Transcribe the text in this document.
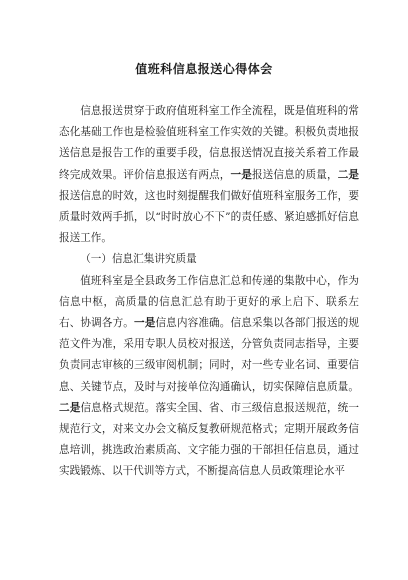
值班科信息报送心得体会

信息报送贯穿于政府值班科室工作全流程，既是值班科的常态化基础工作也是检验值班科室工作实效的关键。积极负责地报送信息是报告工作的重要手段，信息报送情况直接关系着工作最终完成效果。评价信息报送有两点，一是报送信息的质量，二是报送信息的时效，这也时刻提醒我们做好值班科室服务工作，要质量时效两手抓，以“时时放心不下”的责任感、紧迫感抓好信息报送工作。

（一）信息汇集讲究质量

值班科室是全县政务工作信息汇总和传递的集散中心，作为信息中枢，高质量的信息汇总有助于更好的承上启下、联系左右、协调各方。一是信息内容准确。信息采集以各部门报送的规范文件为准，采用专职人员校对报送，分管负责同志指导，主要负责同志审核的三级审阅机制；同时，对一些专业名词、重要信息、关键节点，及时与对接单位沟通确认，切实保障信息质量。二是信息格式规范。落实全国、省、市三级信息报送规范，统一规范行文，对来文办会文稿反复教研规范格式；定期开展政务信息培训，挑选政治素质高、文字能力强的干部担任信息员，通过实践锻炼、以干代训等方式，不断提高信息人员政策理论水平
